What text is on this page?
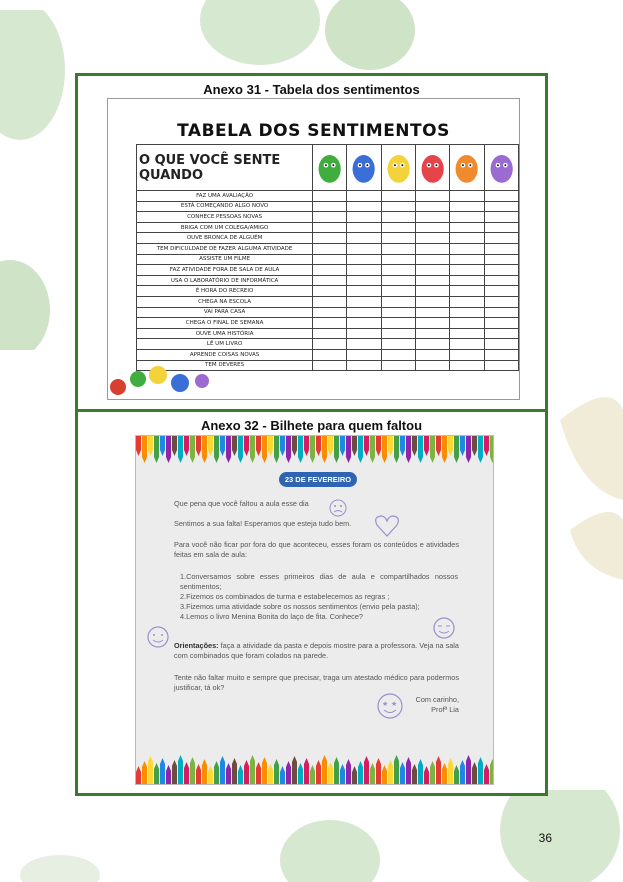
Anexo 31 - Tabela dos sentimentos
TABELA DOS SENTIMENTOS
O QUE VOCÊ SENTE QUANDO	

FAZ UMA AVALIAÇÃO						
ESTÁ COMEÇANDO ALGO NOVO						
CONHECE PESSOAS NOVAS						
BRIGA COM UM COLEGA/AMIGO						
OUVE BRONCA DE ALGUÉM						
TEM DIFICULDADE DE FAZER ALGUMA ATIVIDADE						
ASSISTE UM FILME						
FAZ ATIVIDADE FORA DE SALA DE AULA						
USA O LABORATÓRIO DE INFORMÁTICA						
É HORA DO RECREIO						
CHEGA NA ESCOLA						
VAI PARA CASA						
CHEGA O FINAL DE SEMANA						
OUVE UMA HISTÓRIA						
LÊ UM LIVRO						
APRENDE COISAS NOVAS						
TEM DEVERES						
Anexo 32 - Bilhete para quem faltou
23 DE FEVEREIRO
Que pena que você faltou a aula esse dia
Sentimos a sua falta! Esperamos que esteja tudo bem.
Para você não ficar por fora do que aconteceu, esses foram os conteúdos e atividades feitas em sala de aula:
1.Conversamos sobre esses primeiros dias de aula e compartilhados nossos sentimentos;
2.Fizemos os combinados de turma e estabelecemos as regras ;
3.Fizemos uma atividade sobre os nossos sentimentos (envio pela pasta);
4.Lemos o livro Menina Bonita do laço de fita. Conhece?
Orientações: faça a atividade da pasta e depois mostre para a professora. Veja na sala com combinados que foram colados na parede.
Tente não faltar muito e sempre que precisar, traga um atestado médico para podermos justificar, tá ok?
Com carinho,
Profª Lia
★ ★
36
